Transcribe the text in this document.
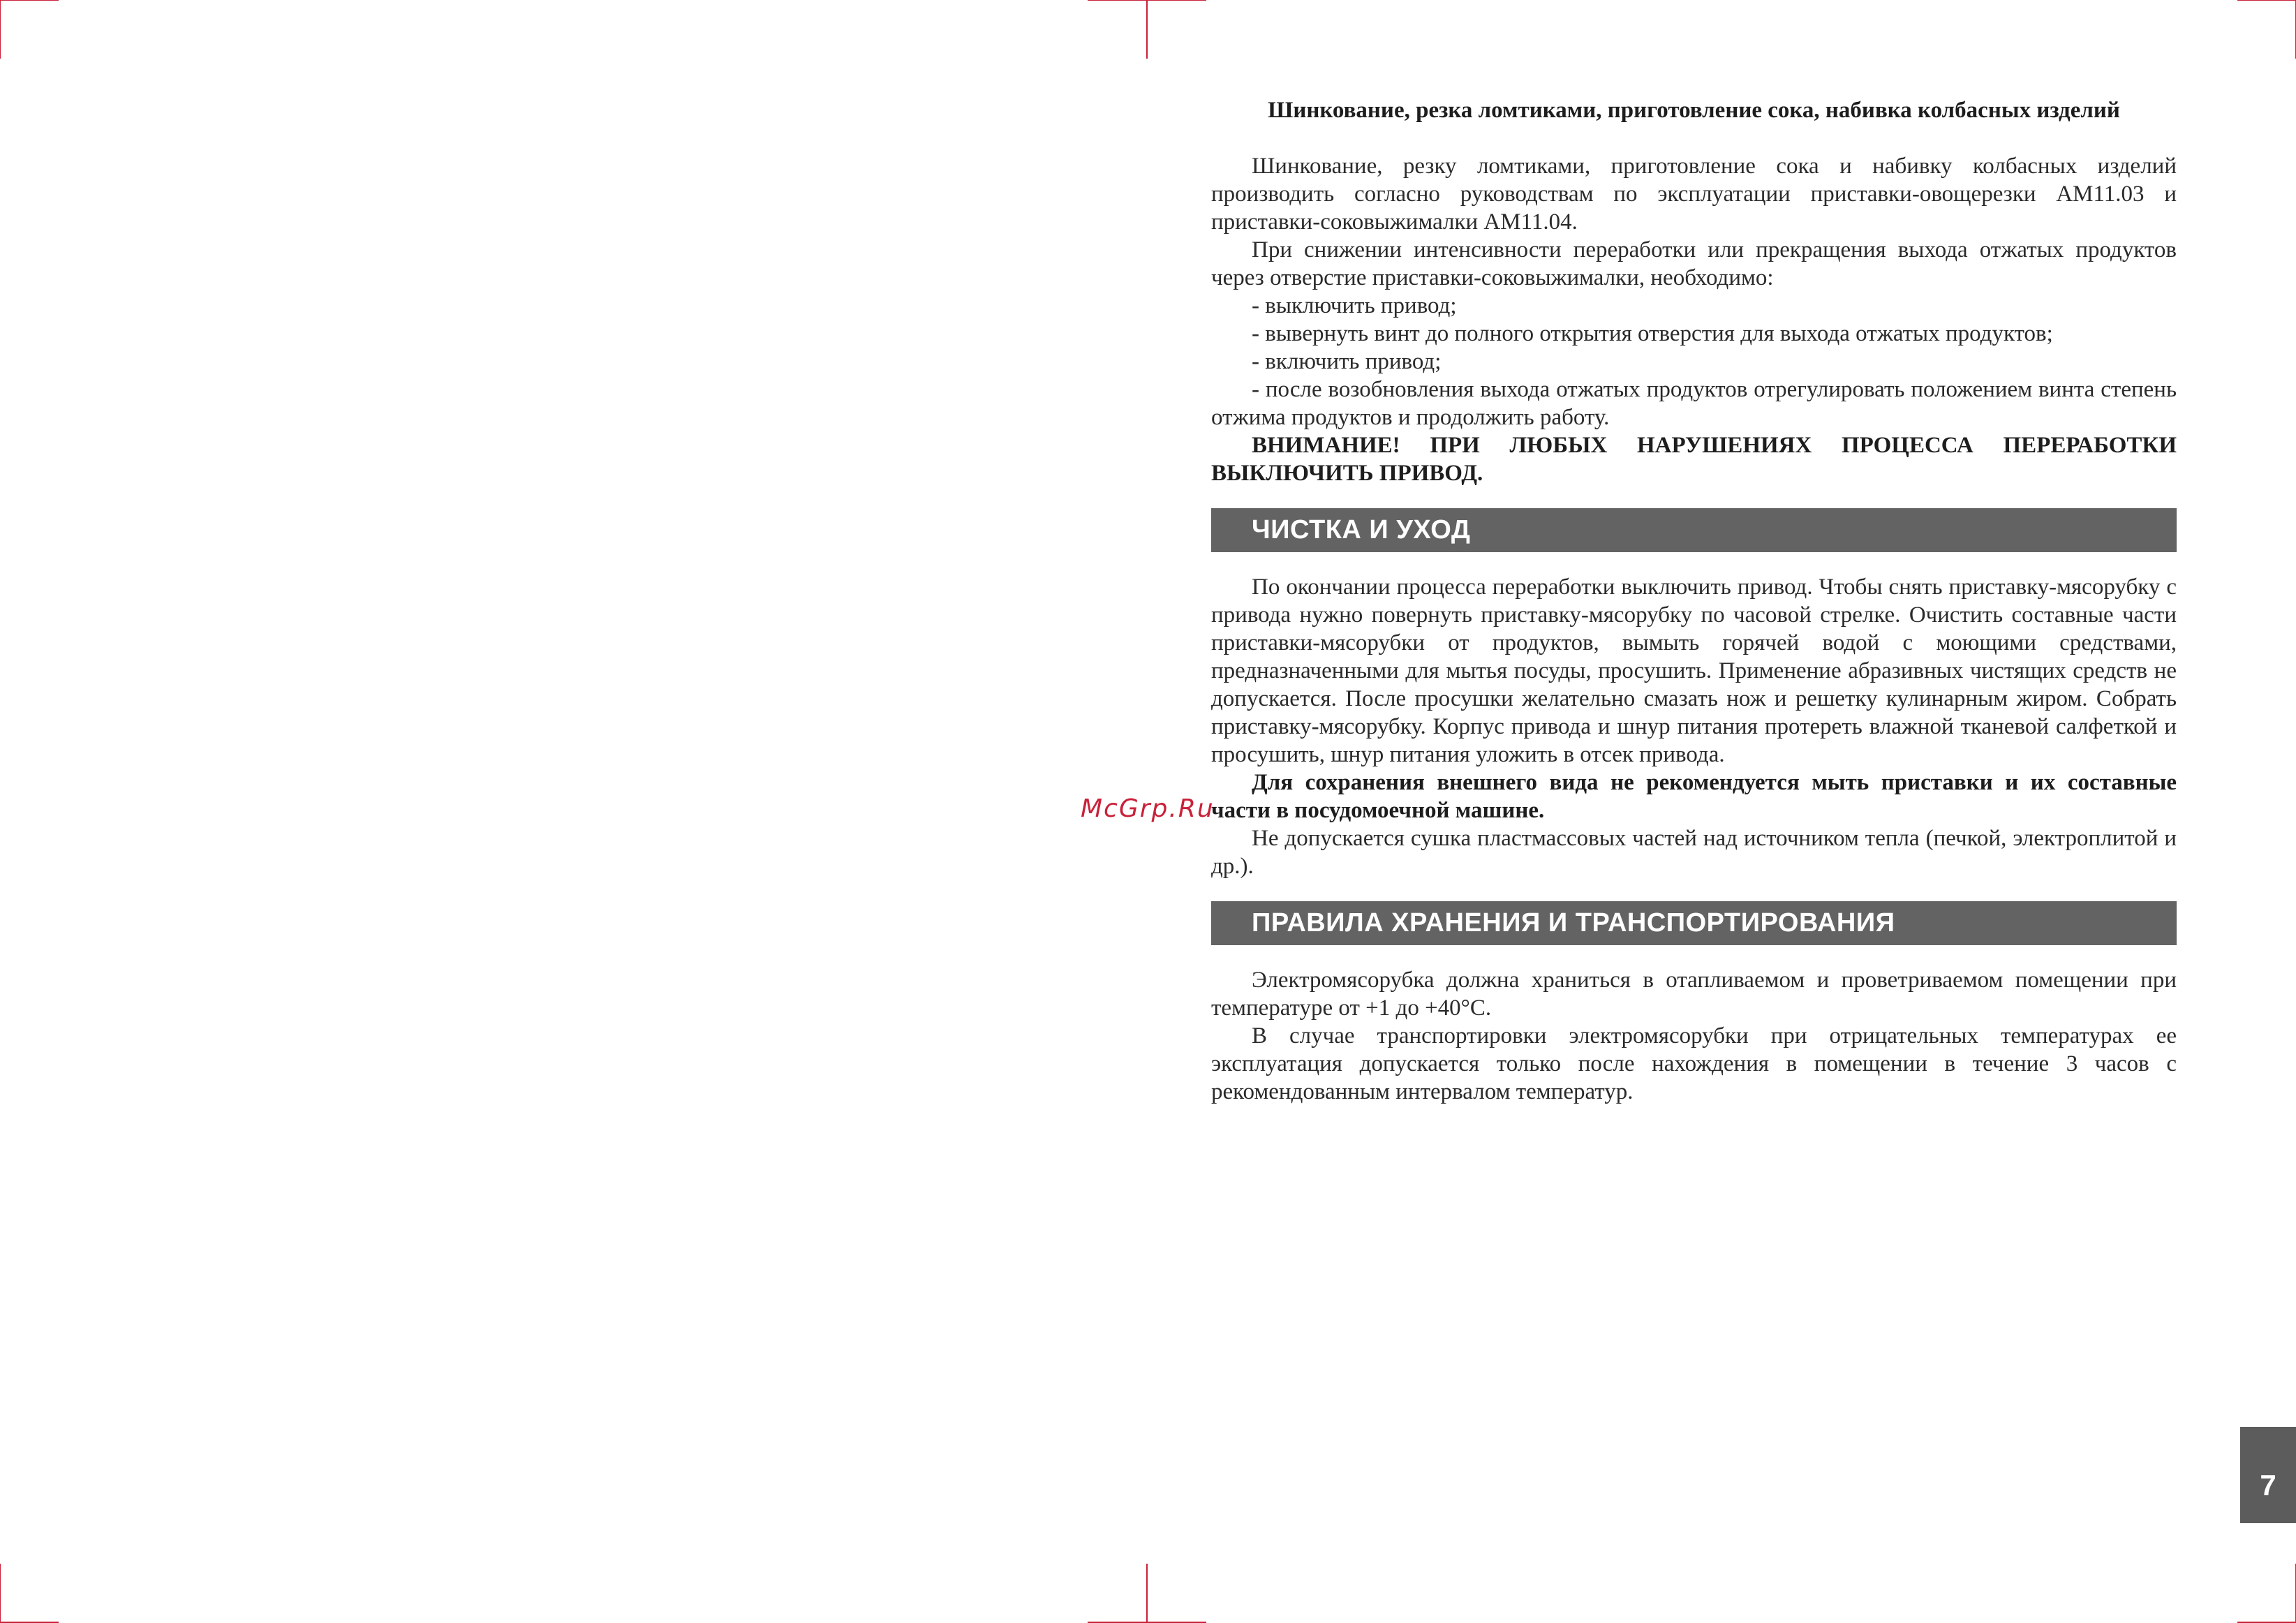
McGrp.Ru
Шинкование, резка ломтиками, приготовление сока, набивка колбасных изделий

Шинкование, резку ломтиками, приготовление сока и набивку колбасных изделий производить согласно руководствам по эксплуатации приставки-овощерезки АМ11.03 и приставки-соковыжималки АМ11.04.

При снижении интенсивности переработки или прекращения выхода отжатых продуктов через отверстие приставки-соковыжималки, необходимо:

- выключить привод;

- вывернуть винт до полного открытия отверстия для выхода отжатых продуктов;

- включить привод;

- после возобновления выхода отжатых продуктов отрегулировать положением винта степень отжима продуктов и продолжить работу.

ВНИМАНИЕ! ПРИ ЛЮБЫХ НАРУШЕНИЯХ ПРОЦЕССА ПЕРЕРАБОТКИ ВЫКЛЮЧИТЬ ПРИВОД.

ЧИСТКА И УХОД

По окончании процесса переработки выключить привод. Чтобы снять приставку-мясорубку с привода нужно повернуть приставку-мясорубку по часовой стрелке. Очистить составные части приставки-мясорубки от продуктов, вымыть горячей водой с моющими средствами, предназначенными для мытья посуды, просушить. Применение абразивных чистящих средств не допускается. После просушки желательно смазать нож и решетку кулинарным жиром. Собрать приставку-мясорубку. Корпус привода и шнур питания протереть влажной тканевой салфеткой и просушить, шнур питания уложить в отсек привода.

Для сохранения внешнего вида не рекомендуется мыть приставки и их составные части в посудомоечной машине.

Не допускается сушка пластмассовых частей над источником тепла (печкой, электроплитой и др.).

ПРАВИЛА ХРАНЕНИЯ И ТРАНСПОРТИРОВАНИЯ

Электромясорубка должна храниться в отапливаемом и проветриваемом помещении при температуре от +1 до +40°С.

В случае транспортировки электромясорубки при отрицательных температурах ее эксплуатация допускается только после нахождения в помещении в течение 3 часов с рекомендованным интервалом температур.

7
